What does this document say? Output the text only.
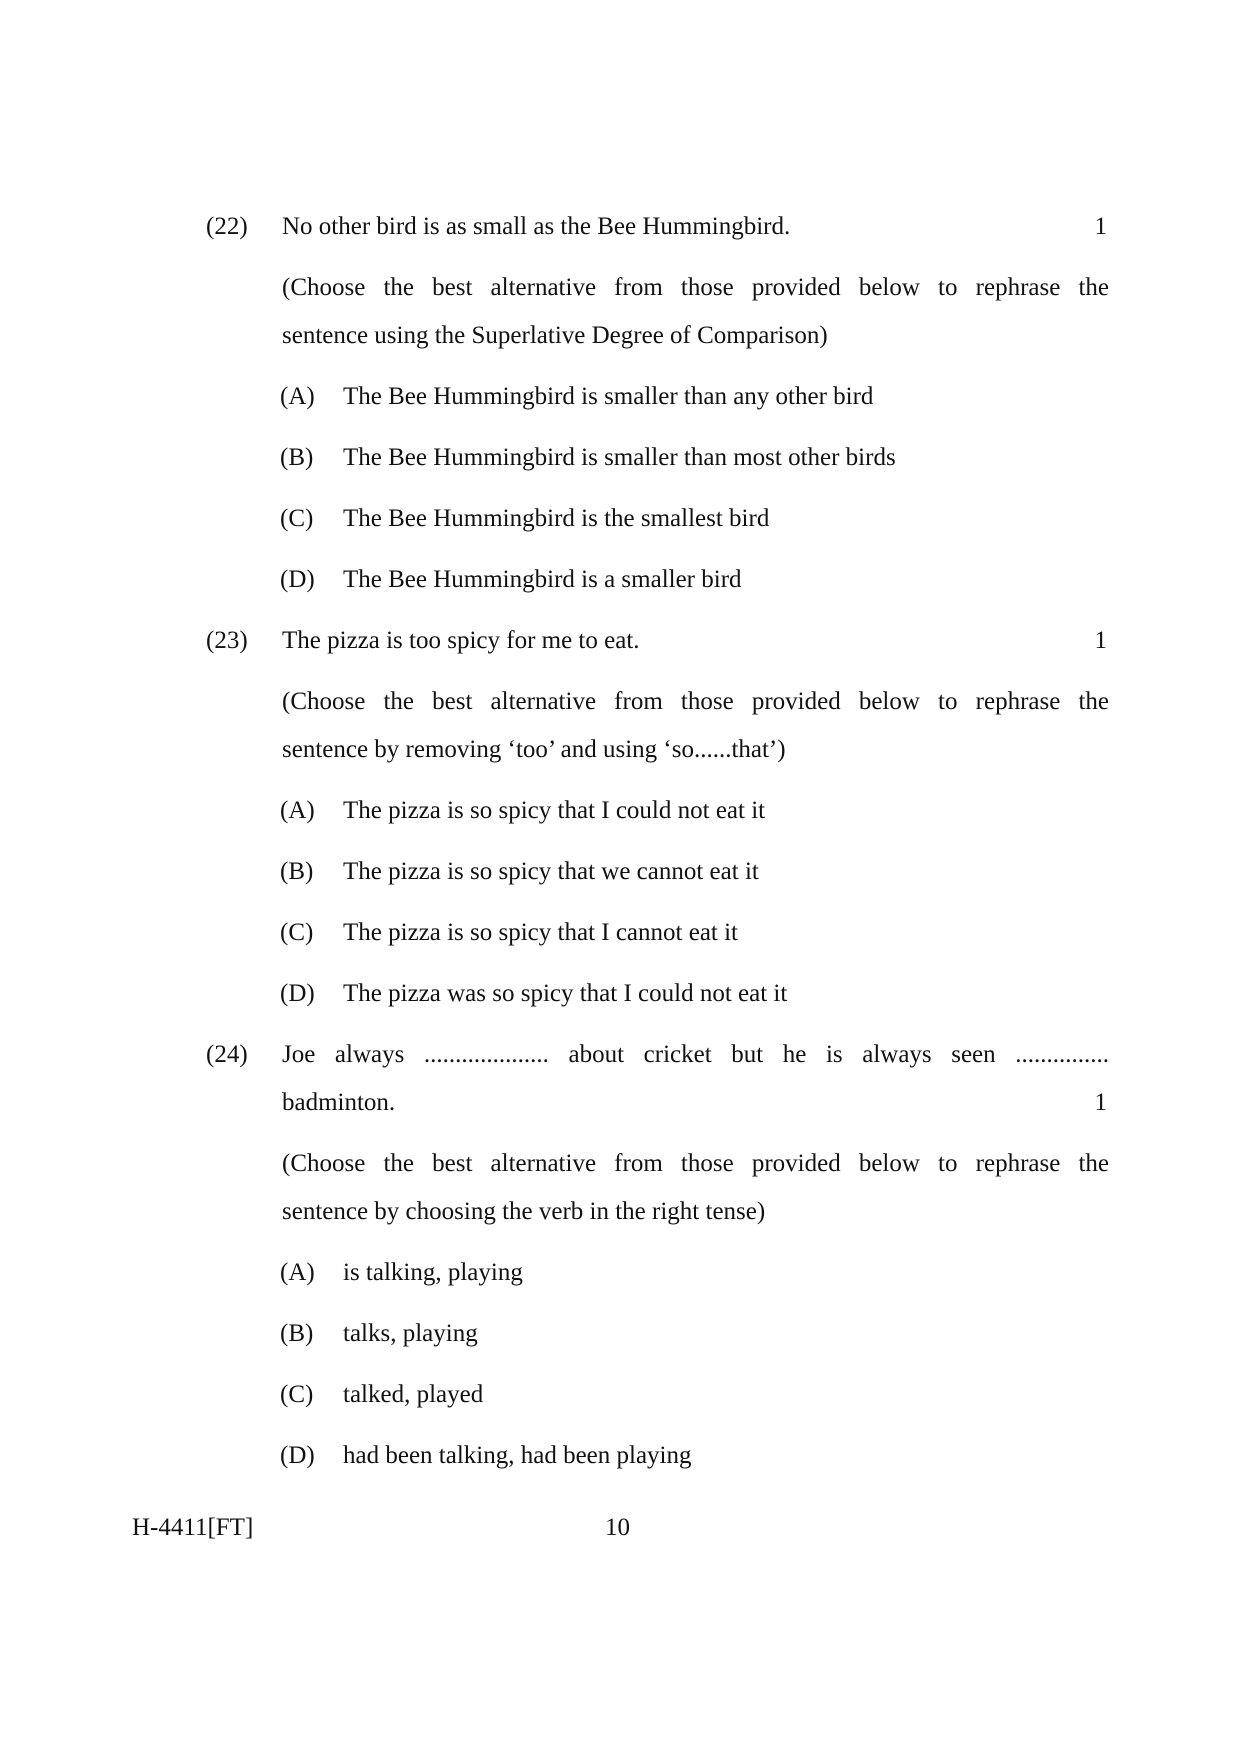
(22) No other bird is as small as the Bee Hummingbird.	1
(Choose the best alternative from those provided below to rephrase the
sentence using the Superlative Degree of Comparison)
(A) The Bee Hummingbird is smaller than any other bird
(B) The Bee Hummingbird is smaller than most other birds
(C) The Bee Hummingbird is the smallest bird
(D) The Bee Hummingbird is a smaller bird
(23) The pizza is too spicy for me to eat.	1
(Choose the best alternative from those provided below to rephrase the
sentence by removing ‘too’ and using ‘so......that’)
(A) The pizza is so spicy that I could not eat it
(B) The pizza is so spicy that we cannot eat it
(C) The pizza is so spicy that I cannot eat it
(D) The pizza was so spicy that I could not eat it
(24) Joe always .................... about cricket but he is always seen ...............
badminton.	1
(Choose the best alternative from those provided below to rephrase the
sentence by choosing the verb in the right tense)
(A) is talking, playing
(B) talks, playing
(C) talked, played
(D) had been talking, had been playing
H-4411[FT]	10
